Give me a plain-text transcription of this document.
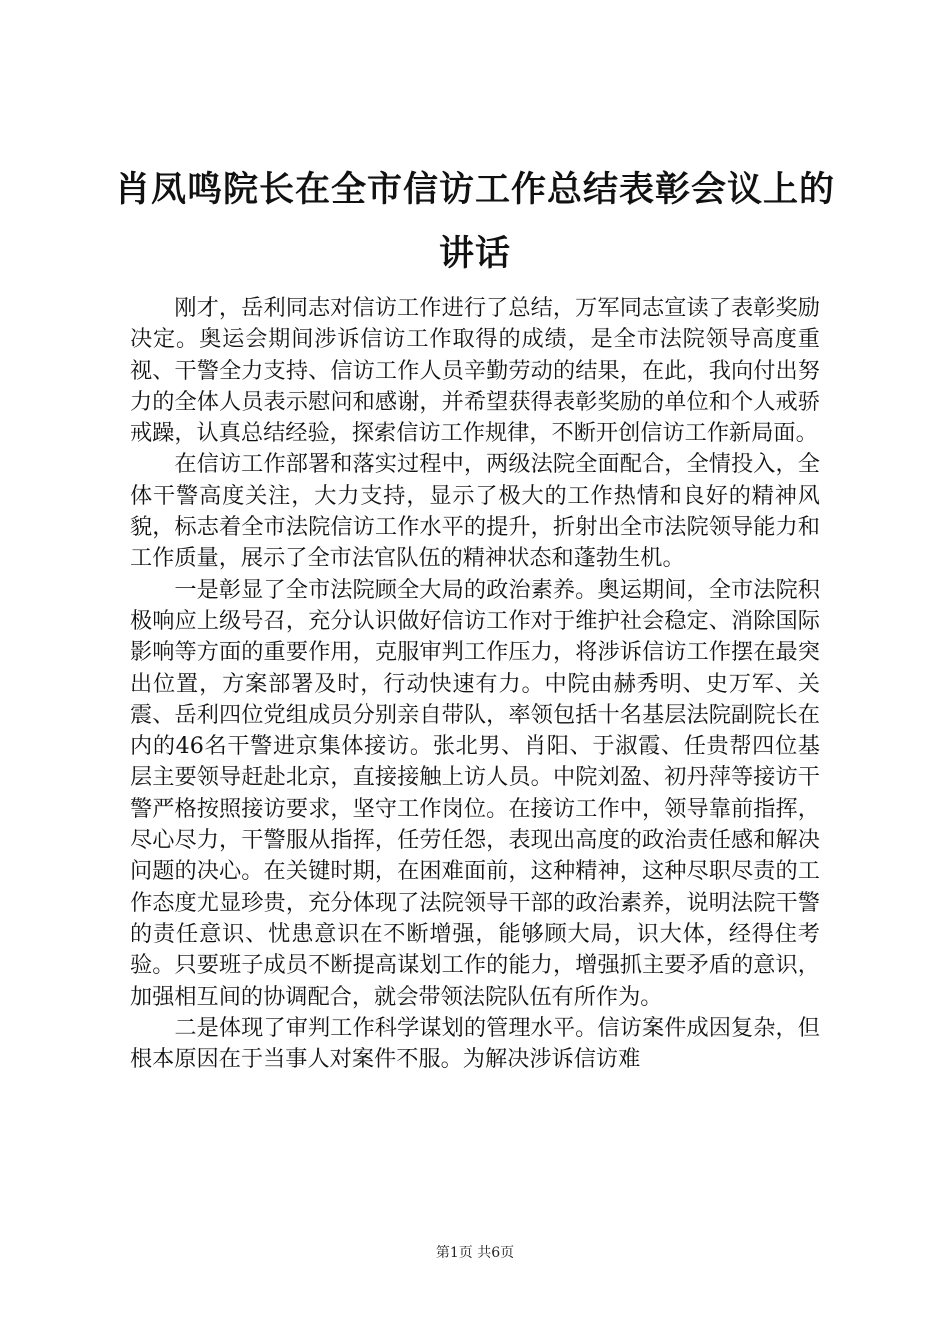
肖凤鸣院长在全市信访工作总结表彰会议上的讲话

刚才，岳利同志对信访工作进行了总结，万军同志宣读了表彰奖励决定。奥运会期间涉诉信访工作取得的成绩，是全市法院领导高度重视、干警全力支持、信访工作人员辛勤劳动的结果，在此，我向付出努力的全体人员表示慰问和感谢，并希望获得表彰奖励的单位和个人戒骄戒躁，认真总结经验，探索信访工作规律，不断开创信访工作新局面。

在信访工作部署和落实过程中，两级法院全面配合，全情投入，全体干警高度关注，大力支持，显示了极大的工作热情和良好的精神风貌，标志着全市法院信访工作水平的提升，折射出全市法院领导能力和工作质量，展示了全市法官队伍的精神状态和蓬勃生机。

一是彰显了全市法院顾全大局的政治素养。奥运期间，全市法院积极响应上级号召，充分认识做好信访工作对于维护社会稳定、消除国际影响等方面的重要作用，克服审判工作压力，将涉诉信访工作摆在最突出位置，方案部署及时，行动快速有力。中院由赫秀明、史万军、关震、岳利四位党组成员分别亲自带队，率领包括十名基层法院副院长在内的46名干警进京集体接访。张北男、肖阳、于淑霞、任贵帮四位基层主要领导赶赴北京，直接接触上访人员。中院刘盈、初丹萍等接访干警严格按照接访要求，坚守工作岗位。在接访工作中，领导靠前指挥，尽心尽力，干警服从指挥，任劳任怨，表现出高度的政治责任感和解决问题的决心。在关键时期，在困难面前，这种精神，这种尽职尽责的工作态度尤显珍贵，充分体现了法院领导干部的政治素养，说明法院干警的责任意识、忧患意识在不断增强，能够顾大局，识大体，经得住考验。只要班子成员不断提高谋划工作的能力，增强抓主要矛盾的意识，加强相互间的协调配合，就会带领法院队伍有所作为。

二是体现了审判工作科学谋划的管理水平。信访案件成因复杂，但根本原因在于当事人对案件不服。为解决涉诉信访难

第1页 共6页
